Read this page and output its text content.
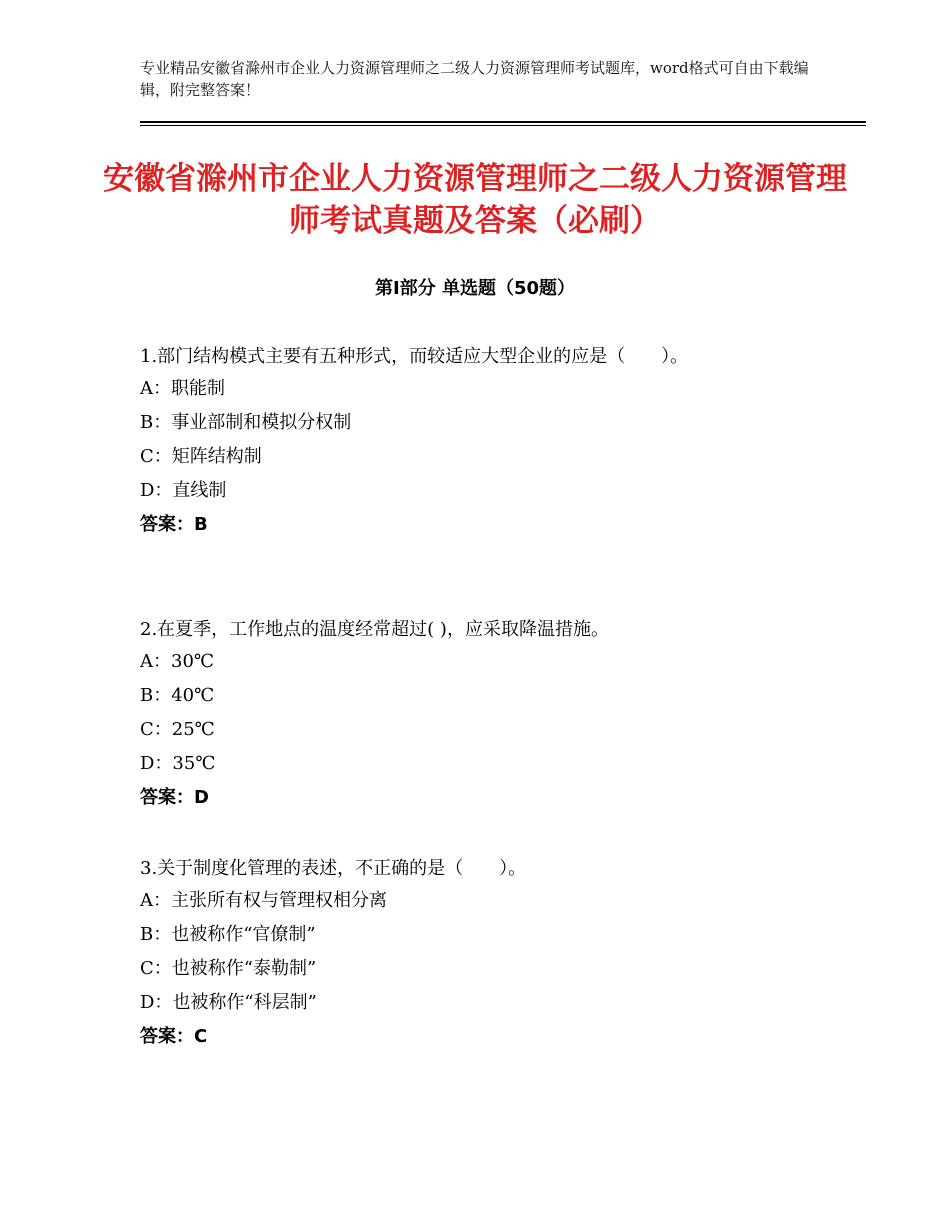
专业精品安徽省滁州市企业人力资源管理师之二级人力资源管理师考试题库，word格式可自由下载编辑，附完整答案！
安徽省滁州市企业人力资源管理师之二级人力资源管理师考试真题及答案（必刷）
第Ⅰ部分 单选题（50题）
1.部门结构模式主要有五种形式，而较适应大型企业的应是（　　）。
A：职能制
B：事业部制和模拟分权制
C：矩阵结构制
D：直线制
答案：B
2.在夏季，工作地点的温度经常超过( )，应采取降温措施。
A：30℃
B：40℃
C：25℃
D：35℃
答案：D
3.关于制度化管理的表述，不正确的是（　　）。
A：主张所有权与管理权相分离
B：也被称作“官僚制”
C：也被称作“泰勒制”
D：也被称作“科层制”
答案：C
